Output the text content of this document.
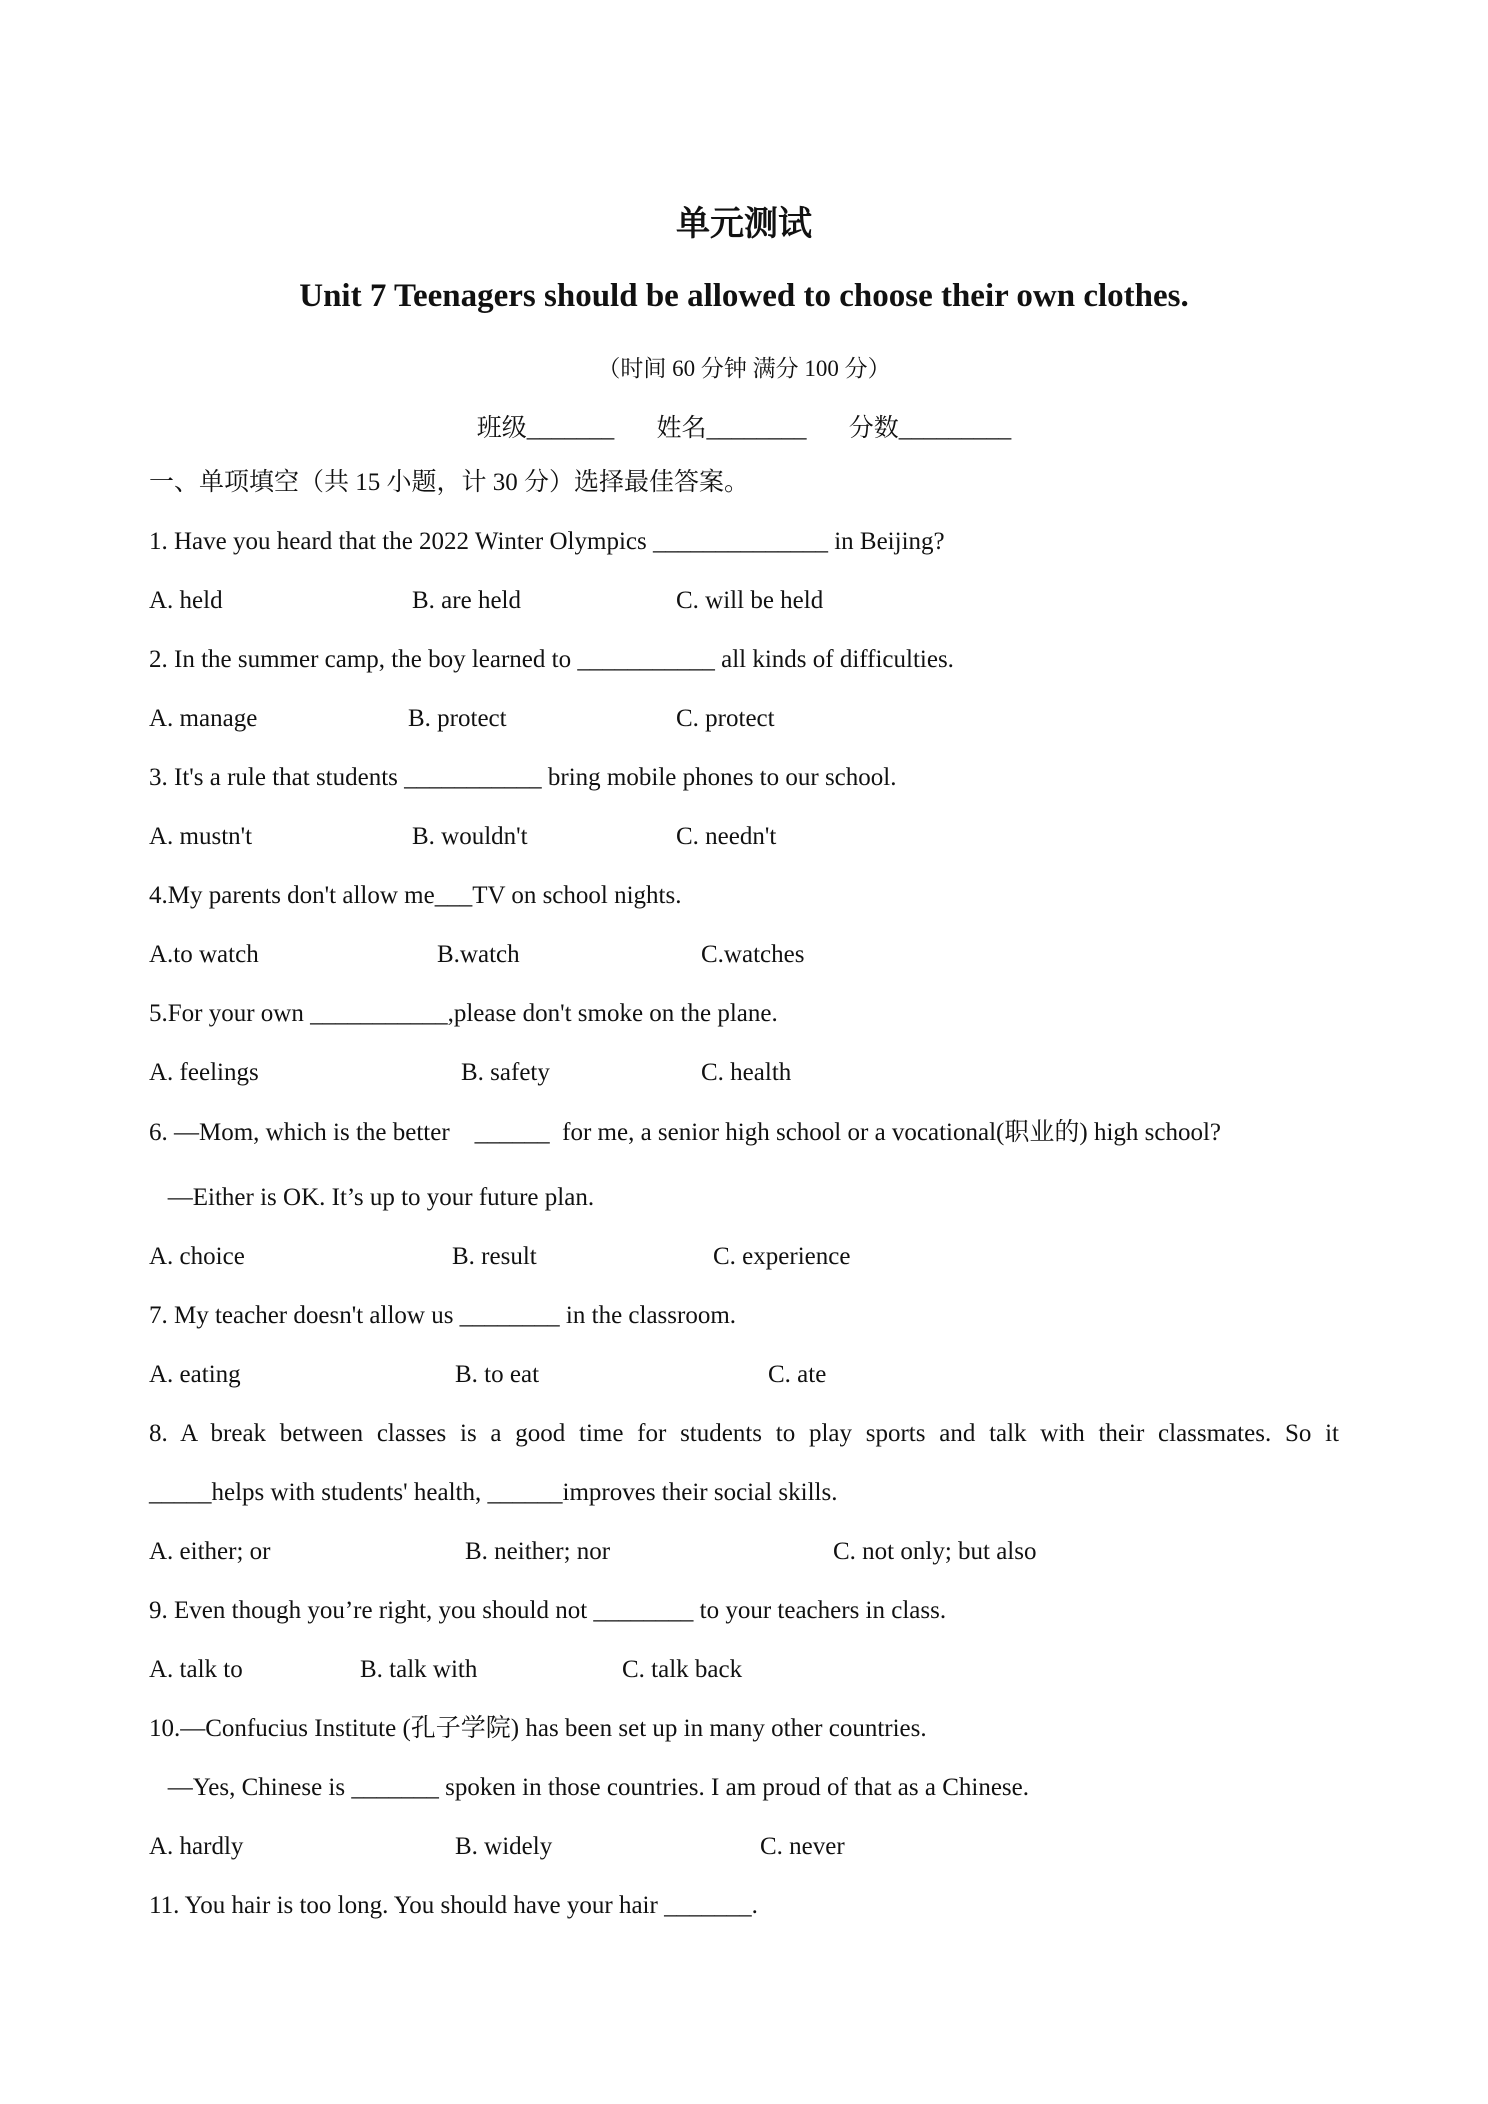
单元测试
Unit 7 Teenagers should be allowed to choose their own clothes.
（时间 60 分钟 满分 100 分）
班级_______ 姓名________ 分数_________
一、单项填空（共 15 小题，计 30 分）选择最佳答案。
1. Have you heard that the 2022 Winter Olympics ______________ in Beijing?
A. held	B. are held	C. will be held
2. In the summer camp, the boy learned to ___________ all kinds of difficulties.
A. manage	B. protect	C. protect
3. It's a rule that students ___________ bring mobile phones to our school.
A. mustn't	B. wouldn't	C. needn't
4.My parents don't allow me___TV on school nights.
A.to watch	B.watch	C.watches
5.For your own ___________,please don't smoke on the plane.
A. feelings	B. safety	C. health
6. —Mom, which is the better    ______  for me, a senior high school or a vocational(职业的) high school?
—Either is OK. It’s up to your future plan.
A. choice	B. result	C. experience
7. My teacher doesn't allow us ________ in the classroom.
A. eating	B. to eat	C. ate
8. A break between classes is a good time for students to play sports and talk with their classmates. So it
_____helps with students' health, ______improves their social skills.
A. either; or	B. neither; nor	C. not only; but also
9. Even though you’re right, you should not ________ to your teachers in class.
A. talk to	B. talk with	C. talk back
10.—Confucius Institute (孔子学院) has been set up in many other countries.
—Yes, Chinese is _______ spoken in those countries. I am proud of that as a Chinese.
A. hardly	B. widely	C. never
11. You hair is too long. You should have your hair _______.
